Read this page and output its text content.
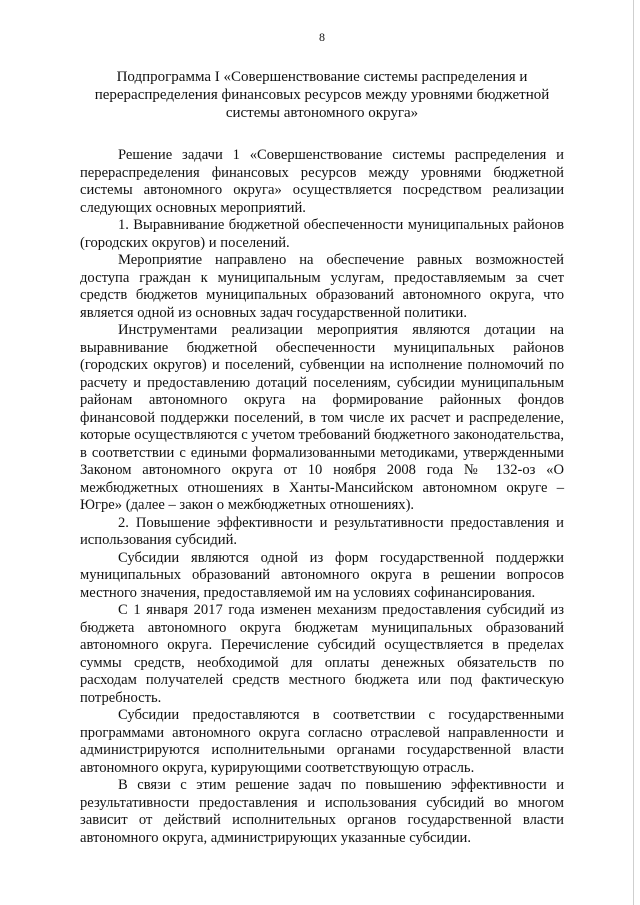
8
Подпрограмма I «Совершенствование системы распределения и
перераспределения финансовых ресурсов между уровнями бюджетной
системы автономного округа»

Решение задачи 1 «Совершенствование системы распределения и перераспределения финансовых ресурсов между уровнями бюджетной системы автономного округа» осуществляется посредством реализации следующих основных мероприятий.

1. Выравнивание бюджетной обеспеченности муниципальных районов (городских округов) и поселений.

Мероприятие направлено на обеспечение равных возможностей доступа граждан к муниципальным услугам, предоставляемым за счет средств бюджетов муниципальных образований автономного округа, что является одной из основных задач государственной политики.

Инструментами реализации мероприятия являются дотации на выравнивание бюджетной обеспеченности муниципальных районов (городских округов) и поселений, субвенции на исполнение полномочий по расчету и предоставлению дотаций поселениям, субсидии муниципальным районам автономного округа на формирование районных фондов финансовой поддержки поселений, в том числе их расчет и распределение, которые осуществляются с учетом требований бюджетного законодательства, в соответствии с едиными формализованными методиками, утвержденными Законом автономного округа от 10 ноября 2008 года № 132-оз «О межбюджетных отношениях в Ханты-Мансийском автономном округе – Югре» (далее – закон о межбюджетных отношениях).

2. Повышение эффективности и результативности предоставления и использования субсидий.

Субсидии являются одной из форм государственной поддержки муниципальных образований автономного округа в решении вопросов местного значения, предоставляемой им на условиях софинансирования.

С 1 января 2017 года изменен механизм предоставления субсидий из бюджета автономного округа бюджетам муниципальных образований автономного округа. Перечисление субсидий осуществляется в пределах суммы средств, необходимой для оплаты денежных обязательств по расходам получателей средств местного бюджета или под фактическую потребность.

Субсидии предоставляются в соответствии с государственными программами автономного округа согласно отраслевой направленности и администрируются исполнительными органами государственной власти автономного округа, курирующими соответствующую отрасль.

В связи с этим решение задач по повышению эффективности и результативности предоставления и использования субсидий во многом зависит от действий исполнительных органов государственной власти автономного округа, администрирующих указанные субсидии.
